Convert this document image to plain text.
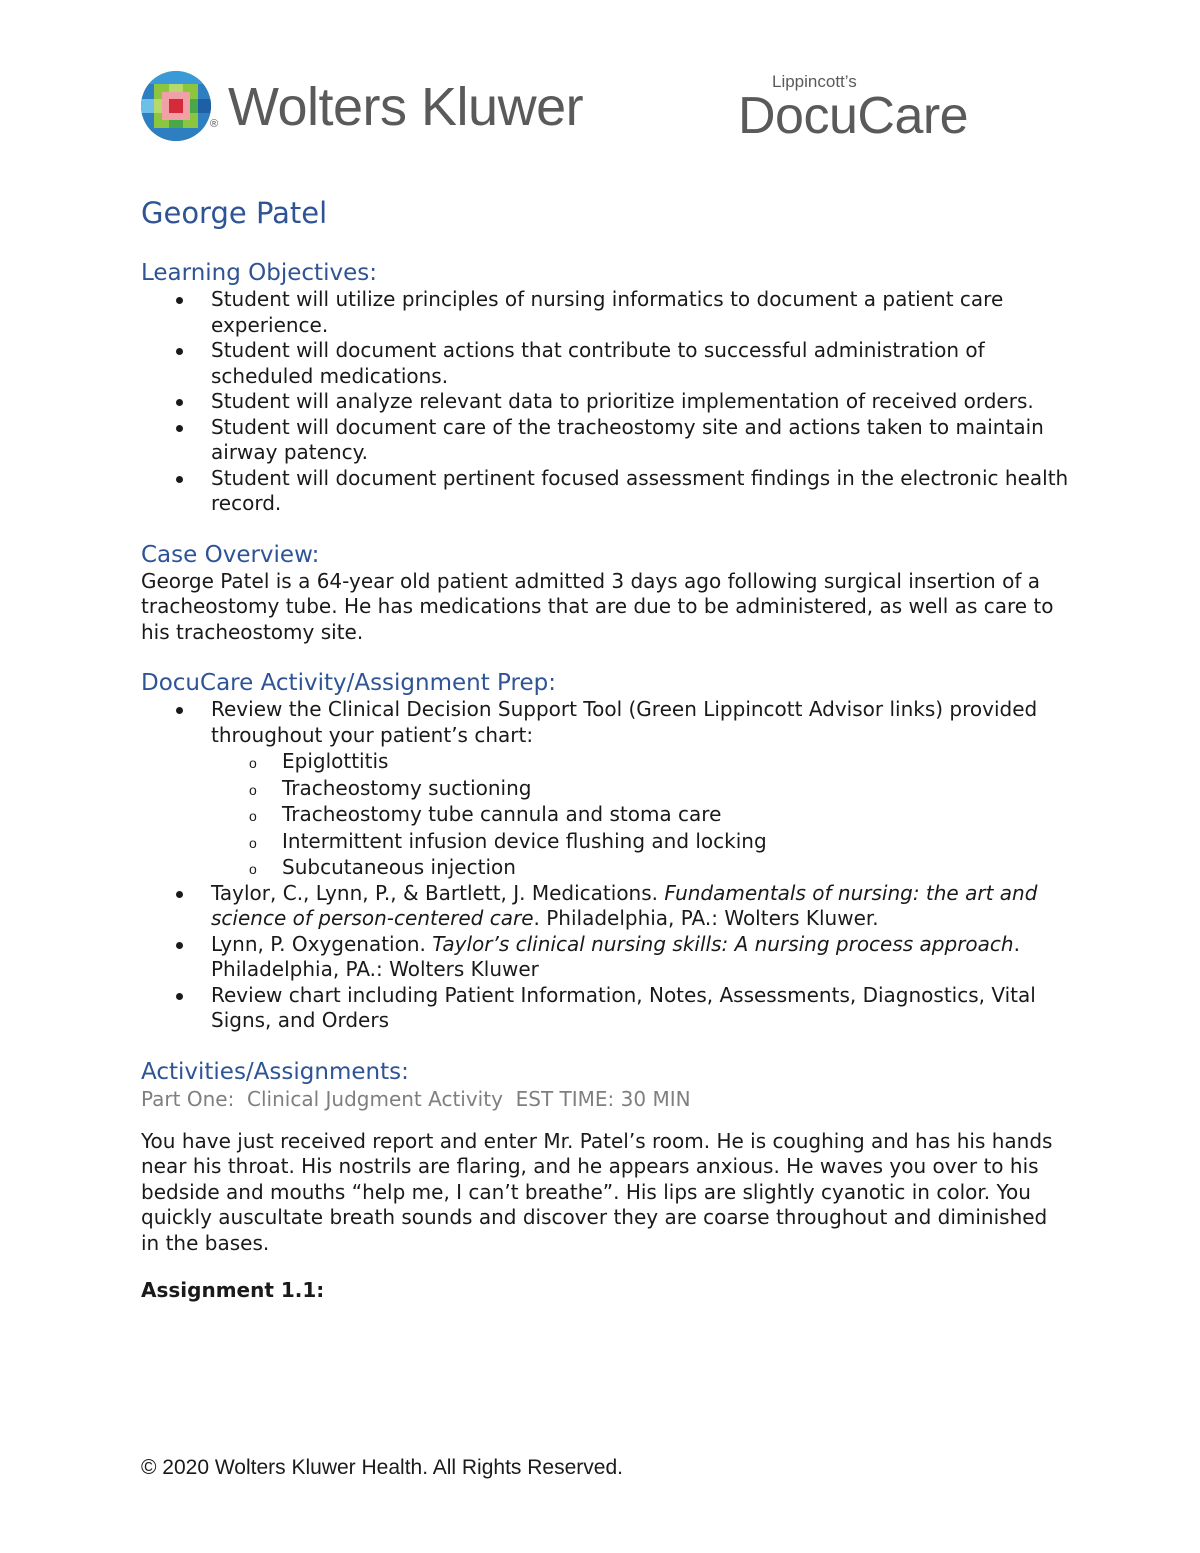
® Wolters Kluwer	Lippincott’s
DocuCare
George Patel
Learning Objectives:
Student will utilize principles of nursing informatics to document a patient care experience.
Student will document actions that contribute to successful administration of scheduled medications.
Student will analyze relevant data to prioritize implementation of received orders.
Student will document care of the tracheostomy site and actions taken to maintain airway patency.
Student will document pertinent focused assessment findings in the electronic health record.
Case Overview:

George Patel is a 64-year old patient admitted 3 days ago following surgical insertion of a tracheostomy tube. He has medications that are due to be administered, as well as care to his tracheostomy site.

DocuCare Activity/Assignment Prep:
Review the Clinical Decision Support Tool (Green Lippincott Advisor links) provided throughout your patient’s chart:
o Epiglottitis
o Tracheostomy suctioning
o Tracheostomy tube cannula and stoma care
o Intermittent infusion device flushing and locking
o Subcutaneous injection
Taylor, C., Lynn, P., & Bartlett, J. Medications. Fundamentals of nursing: the art and science of person-centered care. Philadelphia, PA.: Wolters Kluwer.
Lynn, P. Oxygenation. Taylor’s clinical nursing skills: A nursing process approach. Philadelphia, PA.: Wolters Kluwer
Review chart including Patient Information, Notes, Assessments, Diagnostics, Vital Signs, and Orders
Activities/Assignments:

Part One:  Clinical Judgment Activity  EST TIME: 30 MIN

You have just received report and enter Mr. Patel’s room. He is coughing and has his hands near his throat. His nostrils are flaring, and he appears anxious. He waves you over to his bedside and mouths “help me, I can’t breathe”. His lips are slightly cyanotic in color. You quickly auscultate breath sounds and discover they are coarse throughout and diminished in the bases.

Assignment 1.1:

© 2020 Wolters Kluwer Health. All Rights Reserved.
